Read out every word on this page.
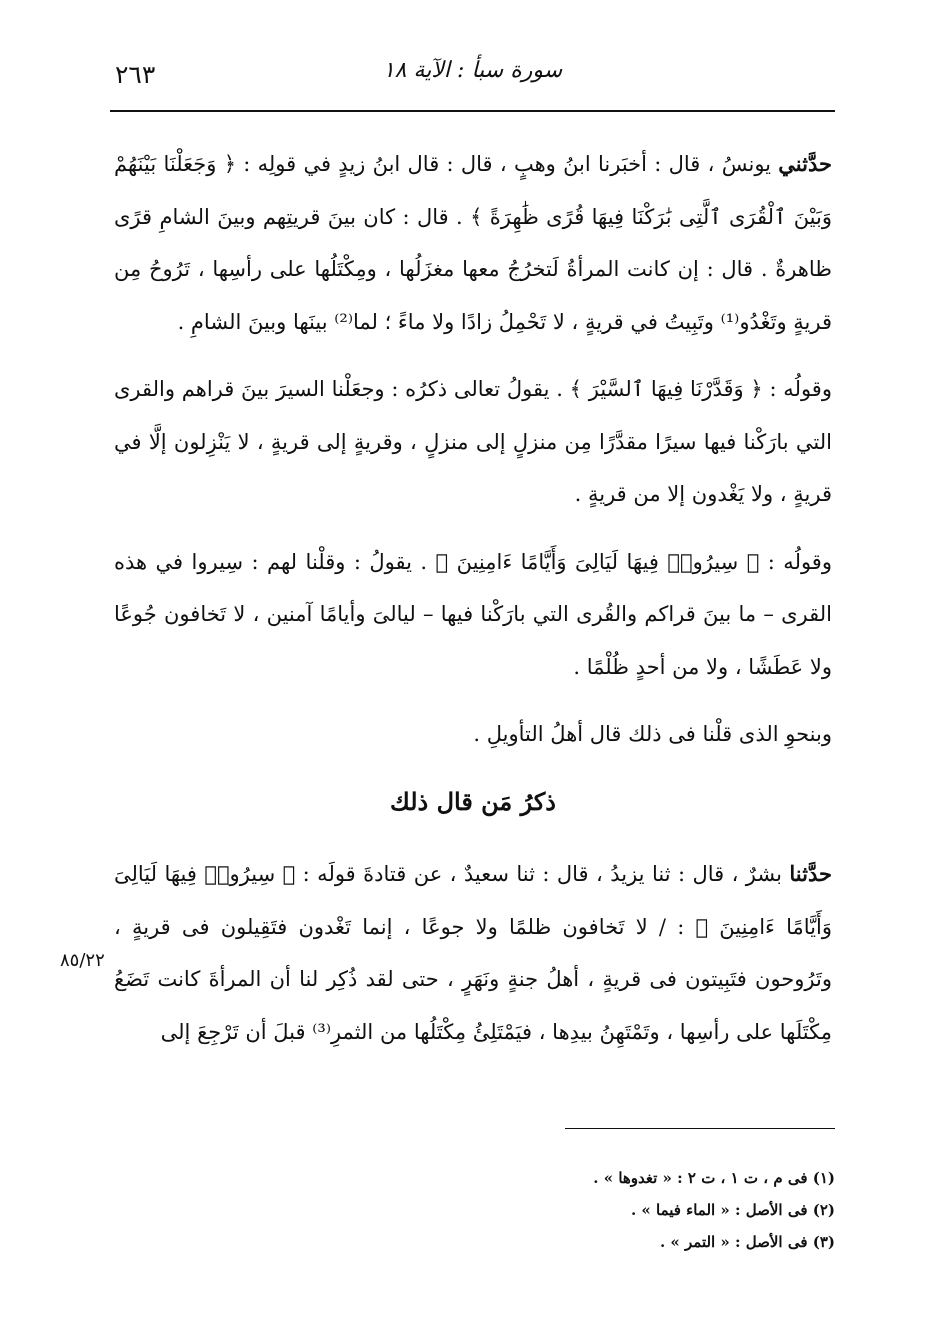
٢٦٣	سورة سبأ : الآية ١٨

حدَّثني يونسُ ، قال : أخبَرنا ابنُ وهبٍ ، قال : قال ابنُ زيدٍ في قولِه : ﴿ وَجَعَلْنَا بَيْنَهُمْ وَبَيْنَ ٱلْقُرَى ٱلَّتِى بَٰرَكْنَا فِيهَا قُرًى ظَٰهِرَةً ﴾ . قال : كان بينَ قريتِهم وبينَ الشامِ قرًى ظاهرةٌ . قال : إن كانت المرأةُ لَتخرُجُ معها مغزَلُها ، ومِكْتَلُها على رأسِها ، تَرُوحُ مِن قريةٍ وتَغْدُو⁽¹⁾ وتَبِيتُ في قريةٍ ، لا تَحْمِلُ زادًا ولا ماءً ؛ لما⁽²⁾ بينَها وبينَ الشامِ .

وقولُه : ﴿ وَقَدَّرْنَا فِيهَا ٱلسَّيْرَ ﴾ . يقولُ تعالى ذكرُه : وجعَلْنا السيرَ بينَ قراهم والقرى التي بارَكْنا فيها سيرًا مقدَّرًا مِن منزلٍ إلى منزلٍ ، وقريةٍ إلى قريةٍ ، لا يَنْزِلون إلَّا في قريةٍ ، ولا يَغْدون إلا من قريةٍ .

وقولُه : ﴿ سِيرُوا۟ فِيهَا لَيَالِىَ وَأَيَّامًا ءَامِنِينَ ﴾ . يقولُ : وقلْنا لهم : سِيروا في هذه القرى – ما بينَ قراكم والقُرى التي بارَكْنا فيها – ليالىَ وأيامًا آمنين ، لا تَخافون جُوعًا ولا عَطَشًا ، ولا من أحدٍ ظُلْمًا .

وبنحوِ الذى قلْنا فى ذلك قال أهلُ التأويلِ .

ذكرُ مَن قال ذلك

حدَّثنا بشرٌ ، قال : ثنا يزيدُ ، قال : ثنا سعيدٌ ، عن قتادةَ قولَه : ﴿ سِيرُوا۟ فِيهَا لَيَالِىَ وَأَيَّامًا ءَامِنِينَ ﴾ : / لا تَخافون ظلمًا ولا جوعًا ، إنما تَغْدون فتَقِيلون فى قريةٍ ، وتَرُوحون فتَبِيتون فى قريةٍ ، أهلُ جنةٍ ونَهَرٍ ، حتى لقد ذُكِر لنا أن المرأةَ كانت تَضَعُ مِكْتَلَها على رأسِها ، وتَمْتَهِنُ بيدِها ، فيَمْتَلِئُ مِكْتَلُها من الثمرِ⁽³⁾ قبلَ أن تَرْجِعَ إلى

٨٥/٢٢
(١) فى م ، ت ١ ، ت ٢ : « تغدوها » .
(٢) فى الأصل : « الماء فيما » .
(٣) فى الأصل : « التمر » .
